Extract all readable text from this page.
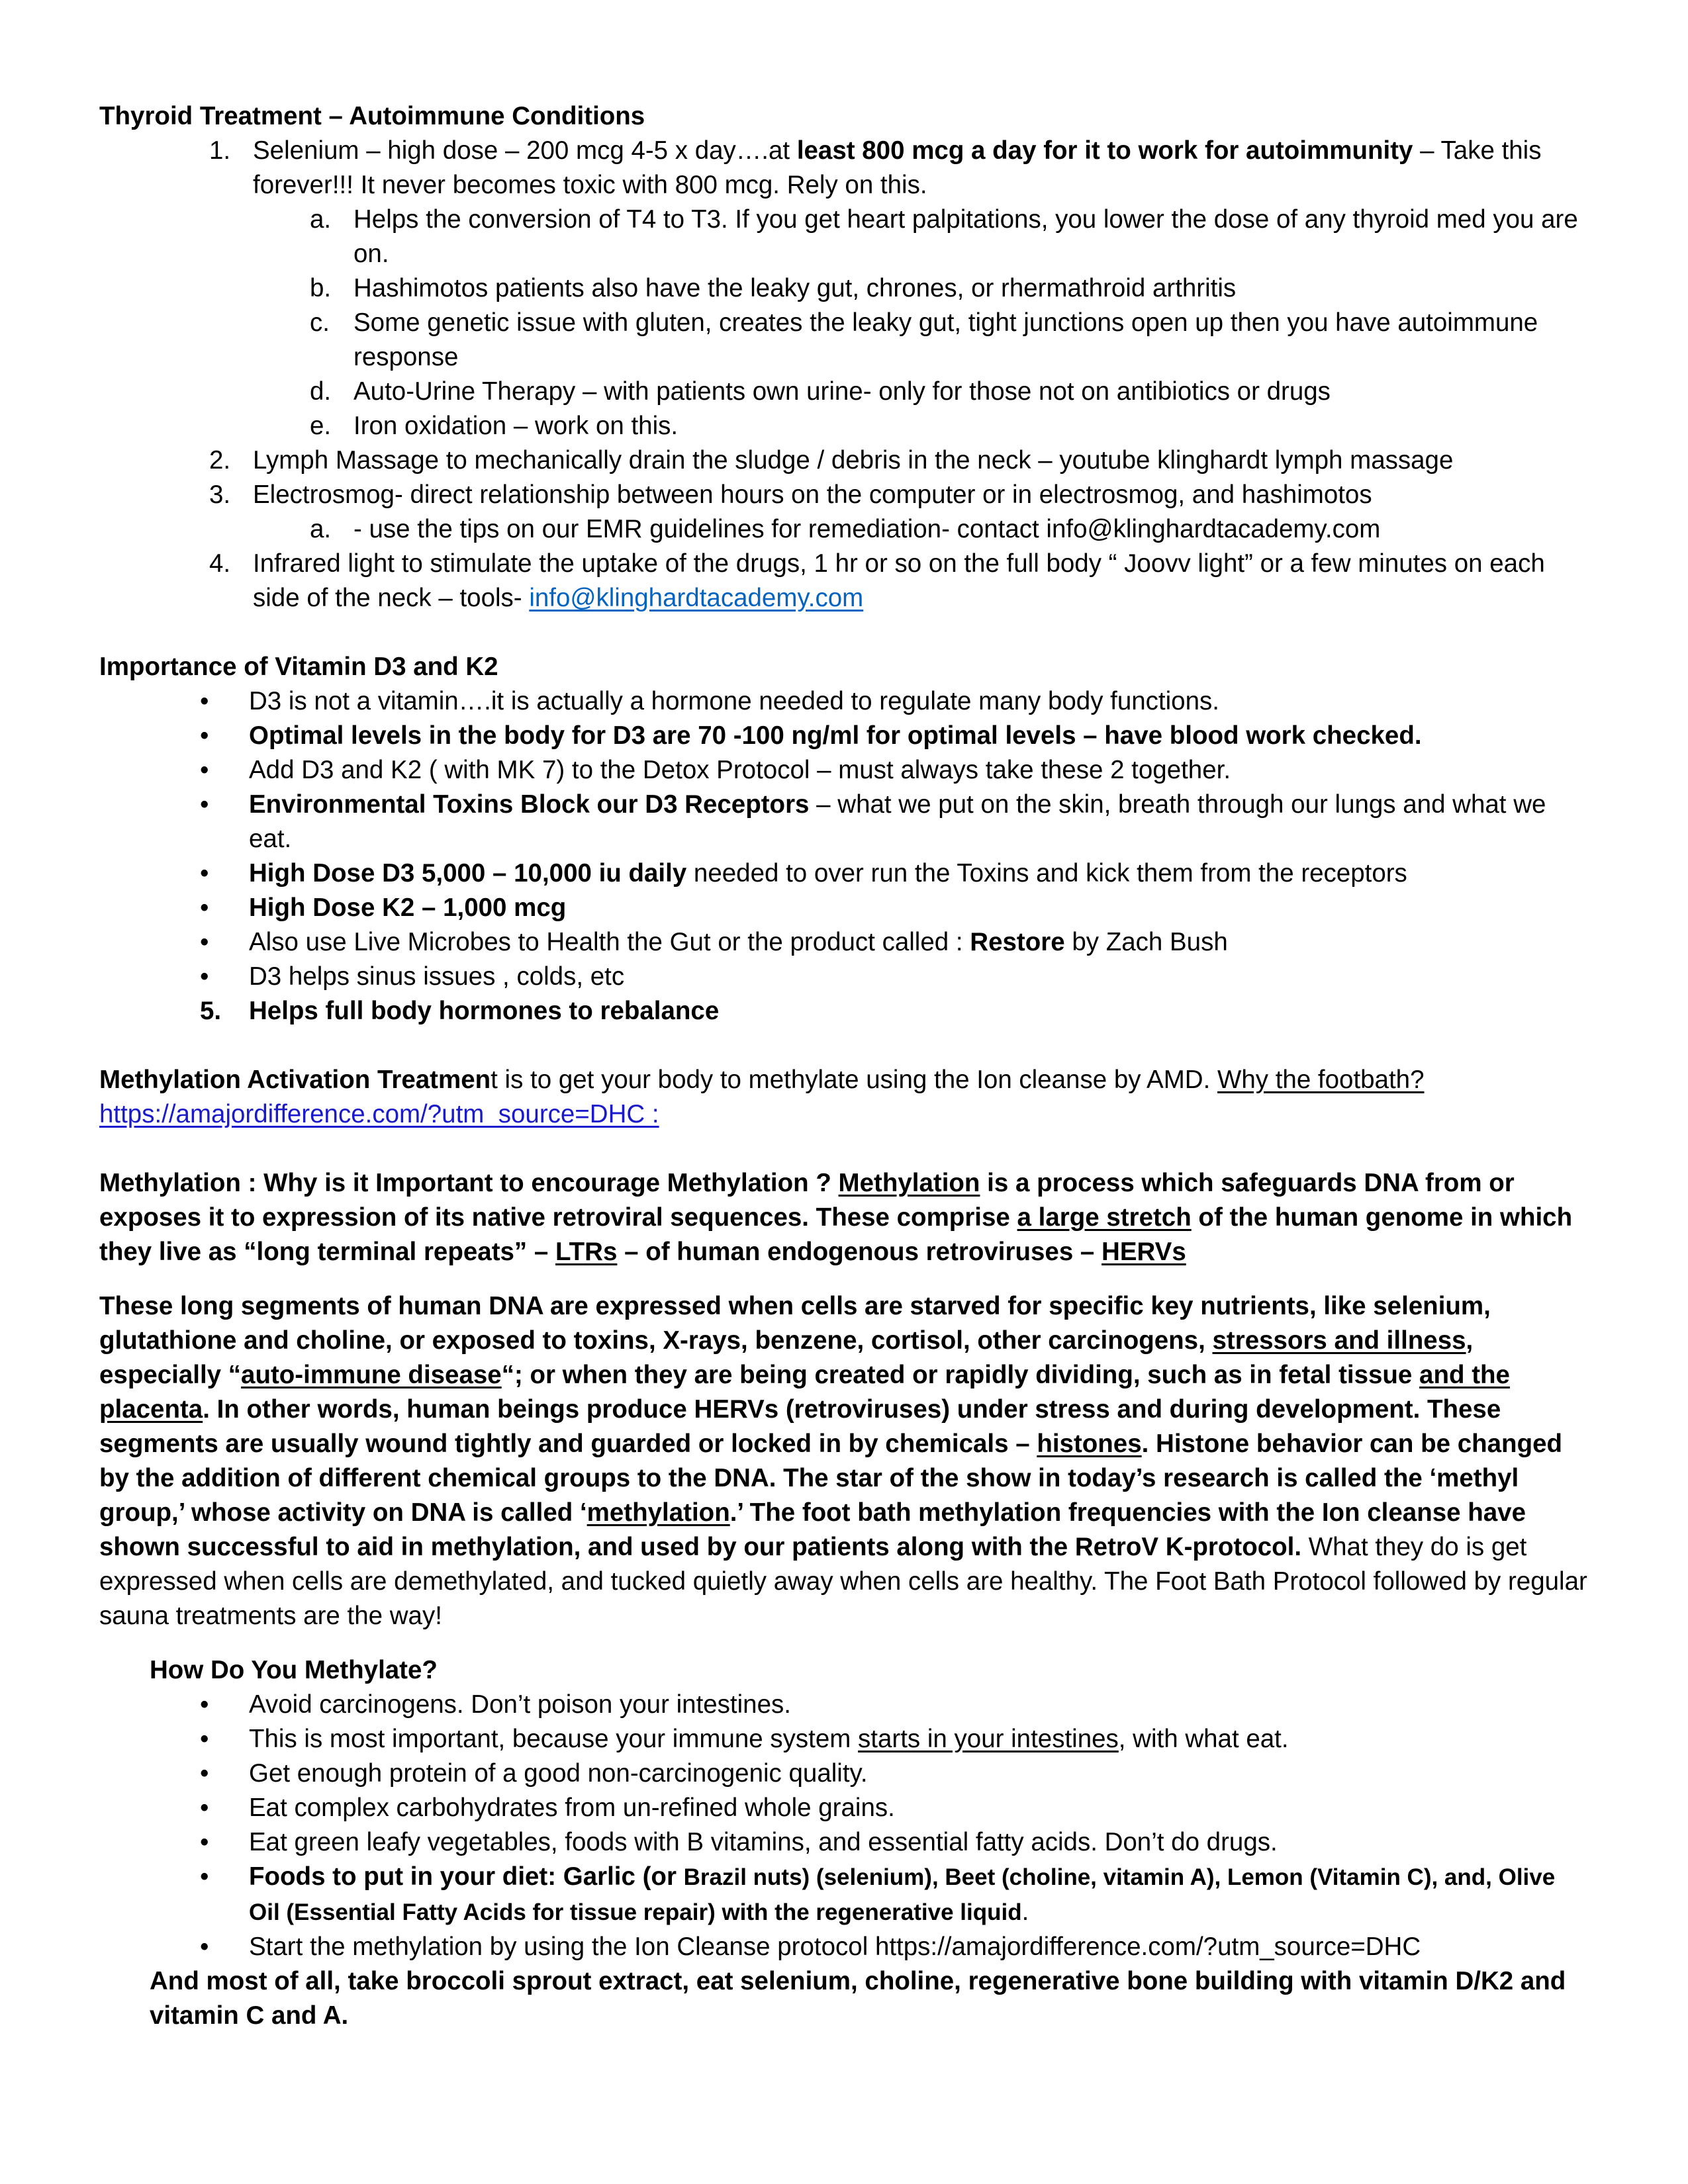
Thyroid Treatment – Autoimmune Conditions
1. Selenium – high dose – 200 mcg 4-5 x day….at least 800 mcg a day for it to work for autoimmunity – Take this forever!!! It never becomes toxic with 800 mcg. Rely on this.
a. Helps the conversion of T4 to T3. If you get heart palpitations, you lower the dose of any thyroid med you are on.
b. Hashimotos patients also have the leaky gut, chrones, or rhermathroid arthritis
c. Some genetic issue with gluten, creates the leaky gut, tight junctions open up then you have autoimmune response
d. Auto-Urine Therapy – with patients own urine- only for those not on antibiotics or drugs
e. Iron oxidation – work on this.
2. Lymph Massage to mechanically drain the sludge / debris in the neck – youtube klinghardt lymph massage
3. Electrosmog- direct relationship between hours on the computer or in electrosmog, and hashimotos
a. - use the tips on our EMR guidelines for remediation- contact info@klinghardtacademy.com
4. Infrared light to stimulate the uptake of the drugs, 1 hr or so on the full body “ Joovv light” or a few minutes on each side of the neck – tools- info@klinghardtacademy.com
Importance of Vitamin D3 and K2
•	D3 is not a vitamin….it is actually a hormone needed to regulate many body functions.
•	Optimal levels in the body for D3 are 70 -100 ng/ml for optimal levels – have blood work checked.
•	Add D3 and K2 ( with MK 7) to the Detox Protocol – must always take these 2 together.
•	Environmental Toxins Block our D3 Receptors – what we put on the skin, breath through our lungs and what we eat.
•	High Dose D3 5,000 – 10,000 iu daily needed to over run the Toxins and kick them from the receptors
•	High Dose K2 – 1,000 mcg
•	Also use Live Microbes to Health the Gut or the product called : Restore by Zach Bush
•	D3 helps sinus issues , colds, etc
5.	Helps full body hormones to rebalance
Methylation Activation Treatment is to get your body to methylate using the Ion cleanse by AMD. Why the footbath?
https://amajordifference.com/?utm_source=DHC :
Methylation : Why is it Important to encourage Methylation ? Methylation is a process which safeguards DNA from or exposes it to expression of its native retroviral sequences. These comprise a large stretch of the human genome in which they live as “long terminal repeats” – LTRs – of human endogenous retroviruses – HERVs
These long segments of human DNA are expressed when cells are starved for specific key nutrients, like selenium, glutathione and choline, or exposed to toxins, X-rays, benzene, cortisol, other carcinogens, stressors and illness, especially “auto-immune disease“; or when they are being created or rapidly dividing, such as in fetal tissue and the placenta. In other words, human beings produce HERVs (retroviruses) under stress and during development. These segments are usually wound tightly and guarded or locked in by chemicals – histones. Histone behavior can be changed by the addition of different chemical groups to the DNA. The star of the show in today’s research is called the ‘methyl group,’ whose activity on DNA is called ‘methylation.’ The foot bath methylation frequencies with the Ion cleanse have shown successful to aid in methylation, and used by our patients along with the RetroV K-protocol. What they do is get expressed when cells are demethylated, and tucked quietly away when cells are healthy. The Foot Bath Protocol followed by regular sauna treatments are the way!
How Do You Methylate?
•	Avoid carcinogens. Don’t poison your intestines.
•	This is most important, because your immune system starts in your intestines, with what eat.
•	Get enough protein of a good non-carcinogenic quality.
•	Eat complex carbohydrates from un-refined whole grains.
•	Eat green leafy vegetables, foods with B vitamins, and essential fatty acids. Don’t do drugs.
•	Foods to put in your diet: Garlic (or Brazil nuts) (selenium), Beet (choline, vitamin A), Lemon (Vitamin C), and, Olive Oil (Essential Fatty Acids for tissue repair) with the regenerative liquid.
•	Start the methylation by using the Ion Cleanse protocol https://amajordifference.com/?utm_source=DHC
And most of all, take broccoli sprout extract, eat selenium, choline, regenerative bone building with vitamin D/K2 and vitamin C and A.
